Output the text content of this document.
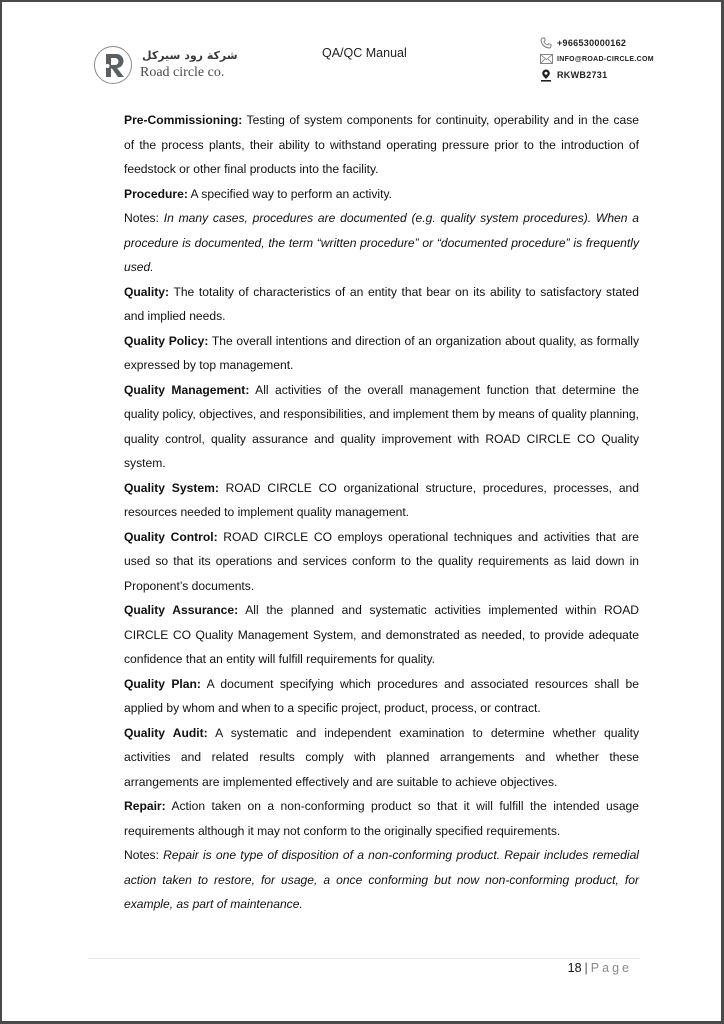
شركة رود سيركل
Road circle co.
QA/QC Manual
+966530000162
INFO@ROAD-CIRCLE.COM
RKWB2731

Pre-Commissioning: Testing of system components for continuity, operability and in the case of the process plants, their ability to withstand operating pressure prior to the introduction of feedstock or other final products into the facility.

Procedure: A specified way to perform an activity.

Notes: In many cases, procedures are documented (e.g. quality system procedures). When a procedure is documented, the term “written procedure” or “documented procedure” is frequently used.

Quality: The totality of characteristics of an entity that bear on its ability to satisfactory stated and implied needs.

Quality Policy: The overall intentions and direction of an organization about quality, as formally expressed by top management.

Quality Management: All activities of the overall management function that determine the quality policy, objectives, and responsibilities, and implement them by means of quality planning, quality control, quality assurance and quality improvement with ROAD CIRCLE CO Quality system.

Quality System: ROAD CIRCLE CO organizational structure, procedures, processes, and resources needed to implement quality management.

Quality Control: ROAD CIRCLE CO employs operational techniques and activities that are used so that its operations and services conform to the quality requirements as laid down in Proponent’s documents.

Quality Assurance: All the planned and systematic activities implemented within ROAD CIRCLE CO Quality Management System, and demonstrated as needed, to provide adequate confidence that an entity will fulfill requirements for quality.

Quality Plan: A document specifying which procedures and associated resources shall be applied by whom and when to a specific project, product, process, or contract.

Quality Audit: A systematic and independent examination to determine whether quality activities and related results comply with planned arrangements and whether these arrangements are implemented effectively and are suitable to achieve objectives.

Repair: Action taken on a non-conforming product so that it will fulfill the intended usage requirements although it may not conform to the originally specified requirements.

Notes: Repair is one type of disposition of a non-conforming product. Repair includes remedial action taken to restore, for usage, a once conforming but now non-conforming product, for example, as part of maintenance.

18 | Page
